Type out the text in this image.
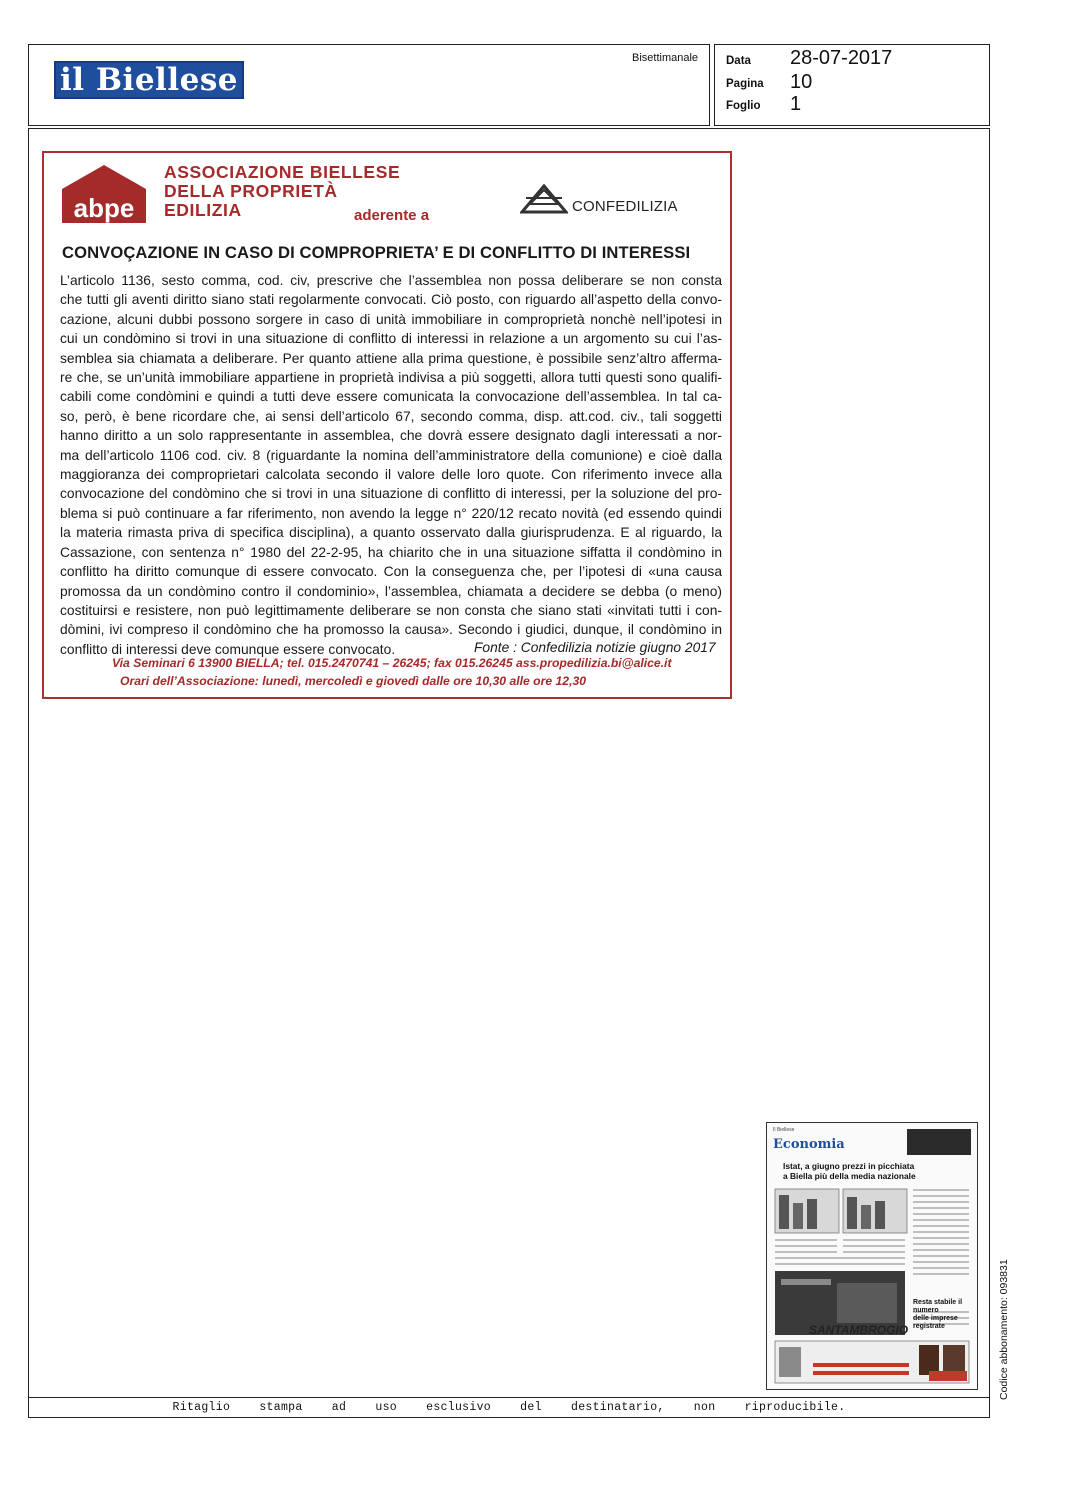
il Biellese
Bisettimanale Data 28-07-2017
Pagina 10
Foglio 1
abpe
ASSOCIAZIONE BIELLESE
DELLA PROPRIETÀ
EDILIZIA	aderente a
CONFEDILIZIA
CONVOÇAZIONE IN CASO DI COMPROPRIETA’ E DI CONFLITTO DI INTERESSI
L’articolo 1136, sesto comma, cod. civ, prescrive che l’assemblea non possa deliberare se non consta
che tutti gli aventi diritto siano stati regolarmente convocati. Ciò posto, con riguardo all’aspetto della convo-
cazione, alcuni dubbi possono sorgere in caso di unità immobiliare in comproprietà nonchè nell’ipotesi in
cui un condòmino si trovi in una situazione di conflitto di interessi in relazione a un argomento su cui l’as-
semblea sia chiamata a deliberare. Per quanto attiene alla prima questione, è possibile senz’altro afferma-
re che, se un’unità immobiliare appartiene in proprietà indivisa a più soggetti, allora tutti questi sono qualifi-
cabili come condòmini e quindi a tutti deve essere comunicata la convocazione dell’assemblea. In tal ca-
so, però, è bene ricordare che, ai sensi dell’articolo 67, secondo comma, disp. att.cod. civ., tali soggetti
hanno diritto a un solo rappresentante in assemblea, che dovrà essere designato dagli interessati a nor-
ma dell’articolo 1106 cod. civ. 8 (riguardante la nomina dell’amministratore della comunione) e cioè dalla
maggioranza dei comproprietari calcolata secondo il valore delle loro quote. Con riferimento invece alla
convocazione del condòmino che si trovi in una situazione di conflitto di interessi, per la soluzione del pro-
blema si può continuare a far riferimento, non avendo la legge n° 220/12 recato novità (ed essendo quindi
la materia rimasta priva di specifica disciplina), a quanto osservato dalla giurisprudenza. E al riguardo, la
Cassazione, con sentenza n° 1980 del 22-2-95, ha chiarito che in una situazione siffatta il condòmino in
conflitto ha diritto comunque di essere convocato. Con la conseguenza che, per l’ipotesi di «una causa
promossa da un condòmino contro il condominio», l’assemblea, chiamata a decidere se debba (o meno)
costituirsi e resistere, non può legittimamente deliberare se non consta che siano stati «invitati tutti i con-
dòmini, ivi compreso il condòmino che ha promosso la causa». Secondo i giudici, dunque, il condòmino in
conflitto di interessi deve comunque essere convocato.	Fonte : Confedilizia notizie giugno 2017
Via Seminari 6 13900 BIELLA; tel. 015.2470741 – 26245; fax 015.26245 ass.propedilizia.bi@alice.it
Orari dell’Associazione: lunedì, mercoledì e giovedì dalle ore 10,30 alle ore 12,30
Il Biellese
Economia
Istat, a giugno prezzi in picchiata
a Biella più della media nazionale
Resta stabile il numero
delle imprese registrate
SANTAMBROGIO
Ritaglio stampa ad uso esclusivo del destinatario, non riproducibile.
Codice abbonamento: 093831
